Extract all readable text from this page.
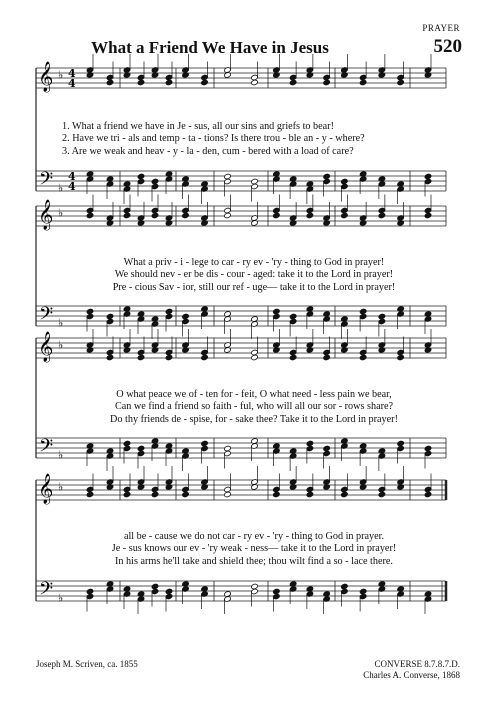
PRAYER
What a Friend We Have in Jesus	520
𝄞 ♭ 4
4
𝄢 ♭
4
4
𝄞 ♭
𝄢 ♭
𝄞 ♭
𝄢 ♭
𝄞 ♭
𝄢 ♭
1. What a friend we have in Je - sus, all our sins and griefs to bear!
2. Have we tri - als and temp - ta - tions? Is there trou - ble an - y - where?
3. Are we weak and heav - y - la - den, cum - bered with a load of care?
What a priv - i - lege to car - ry ev - 'ry - thing to God in prayer!
We should nev - er be dis - cour - aged: take it to the Lord in prayer!
Pre - cious Sav - ior, still our ref - uge— take it to the Lord in prayer!
O what peace we of - ten for - feit, O what need - less pain we bear,
Can we find a friend so faith - ful, who will all our sor - rows share?
Do thy friends de - spise, for - sake thee? Take it to the Lord in prayer!
all be - cause we do not car - ry ev - 'ry - thing to God in prayer.
Je - sus knows our ev - 'ry weak - ness— take it to the Lord in prayer!
In his arms he'll take and shield thee; thou wilt find a so - lace there.
Joseph M. Scriven, ca. 1855	CONVERSE 8.7.8.7.D.
Charles A. Converse, 1868
